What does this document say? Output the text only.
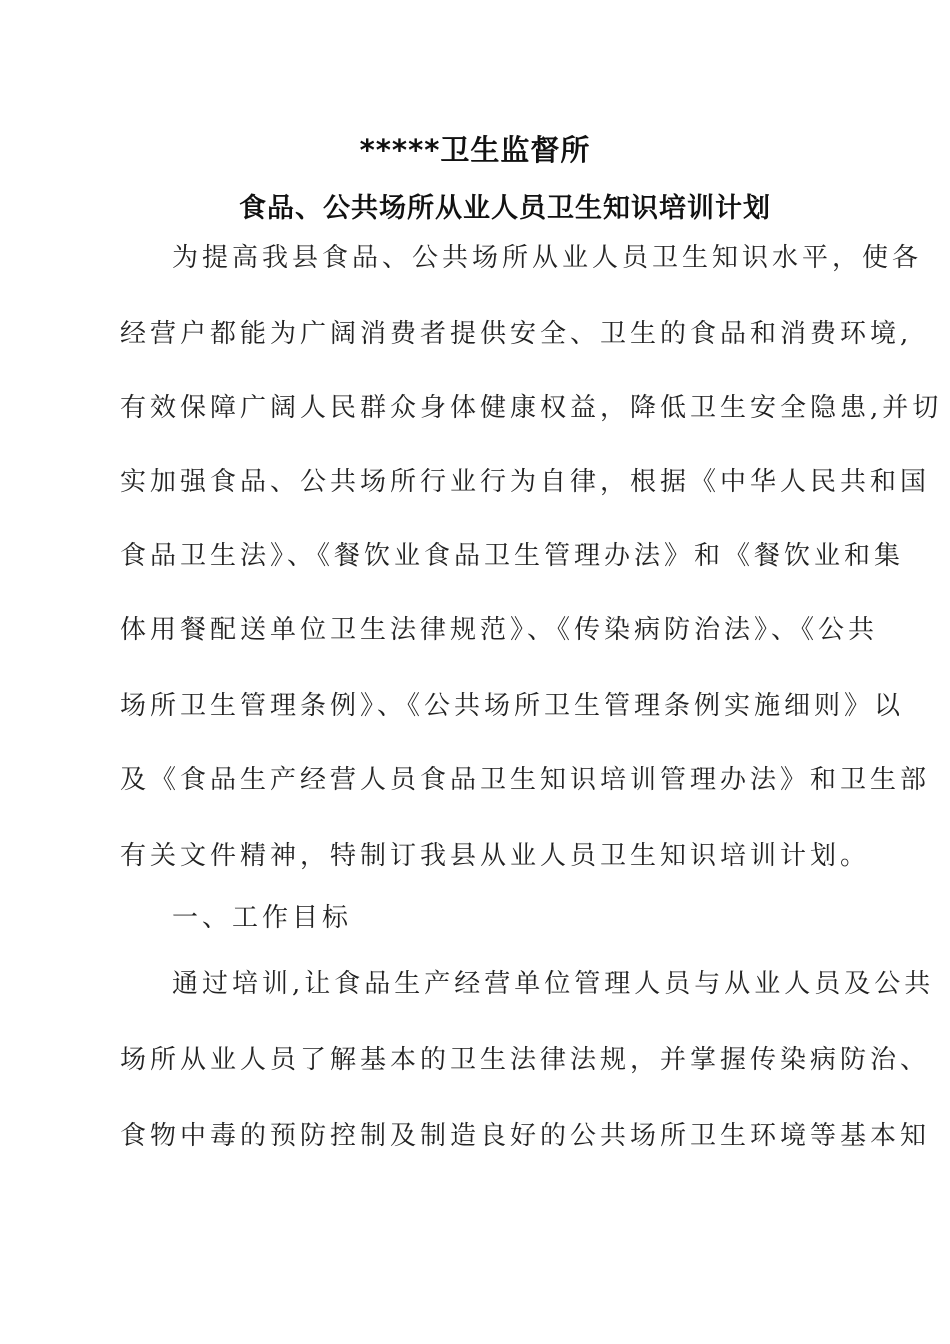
*****卫生监督所
食品、公共场所从业人员卫生知识培训计划
为提高我县食品、公共场所从业人员卫生知识水平，使各
经营户都能为广阔消费者提供安全、卫生的食品和消费环境,
有效保障广阔人民群众身体健康权益，降低卫生安全隐患,并切
实加强食品、公共场所行业行为自律，根据《中华人民共和国
食品卫生法》、《餐饮业食品卫生管理办法》和《餐饮业和集
体用餐配送单位卫生法律规范》、《传染病防治法》、《公共
场所卫生管理条例》、《公共场所卫生管理条例实施细则》以
及《食品生产经营人员食品卫生知识培训管理办法》和卫生部
有关文件精神，特制订我县从业人员卫生知识培训计划。
一、工作目标
通过培训,让食品生产经营单位管理人员与从业人员及公共
场所从业人员了解基本的卫生法律法规，并掌握传染病防治、
食物中毒的预防控制及制造良好的公共场所卫生环境等基本知
